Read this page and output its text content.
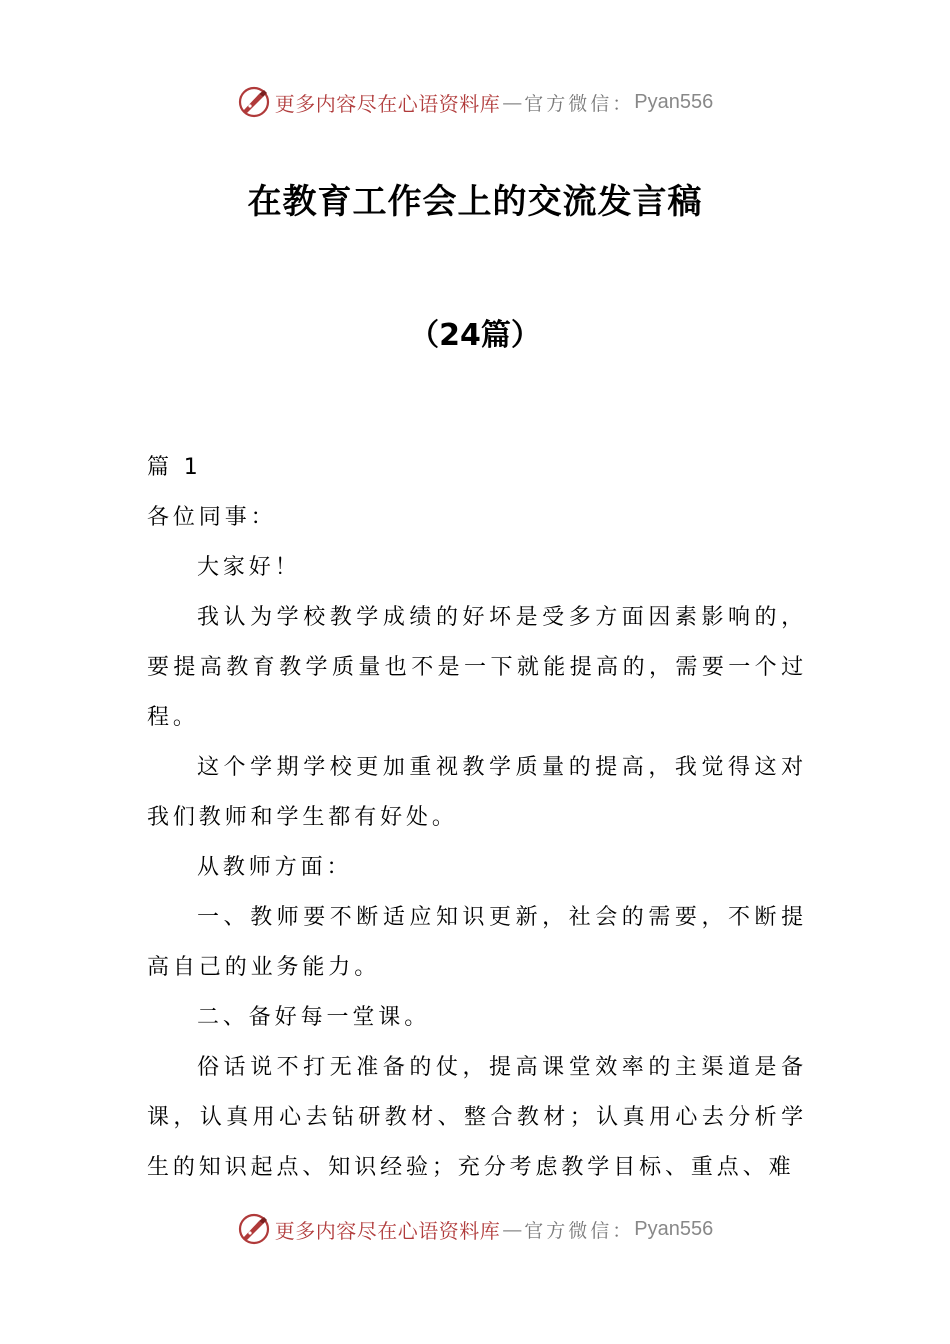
更多内容尽在心语资料库 — 官方微信： Pyan556
在教育工作会上的交流发言稿
（24篇）

篇 1

各位同事：

大家好！

我认为学校教学成绩的好坏是受多方面因素影响的，要提高教育教学质量也不是一下就能提高的，需要一个过程。

这个学期学校更加重视教学质量的提高，我觉得这对我们教师和学生都有好处。

从教师方面：

一、教师要不断适应知识更新，社会的需要，不断提高自己的业务能力。

二、备好每一堂课。

俗话说不打无准备的仗，提高课堂效率的主渠道是备课，认真用心去钻研教材、整合教材；认真用心去分析学生的知识起点、知识经验；充分考虑教学目标、重点、难

更多内容尽在心语资料库 — 官方微信： Pyan556
